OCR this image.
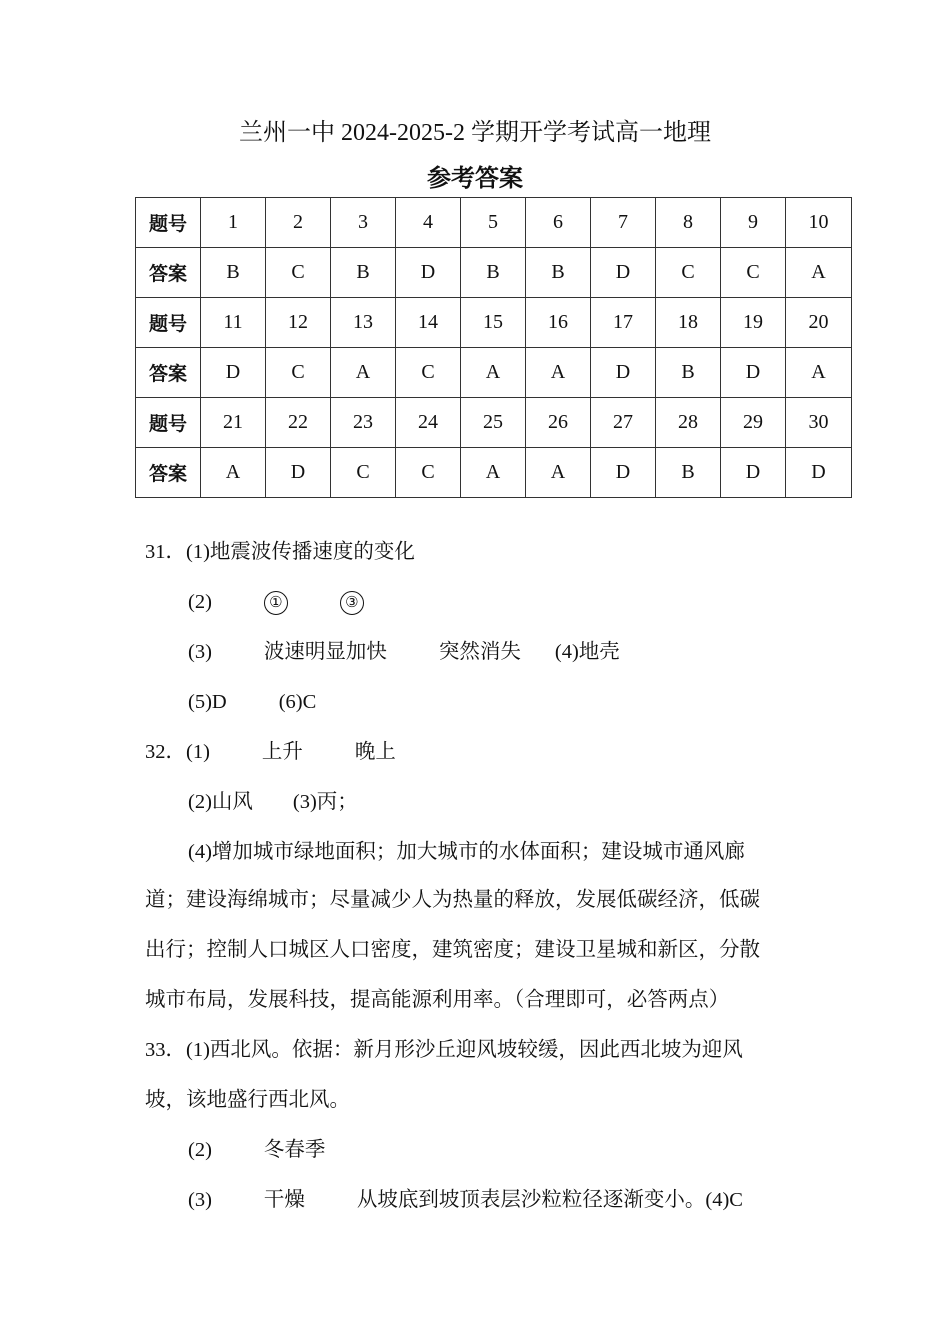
兰州一中 2024-2025-2 学期开学考试高一地理
参考答案
题号	1	2	3	4	5	6	7	8	9	10
答案	B	C	B	D	B	B	D	C	C	A
题号	11	12	13	14	15	16	17	18	19	20
答案	D	C	A	C	A	A	D	B	D	A
题号	21	22	23	24	25	26	27	28	29	30
答案	A	D	C	C	A	A	D	B	D	D
31．(1)地震波传播速度的变化
(2)	①	③
(3)	波速明显加快	突然消失 (4)地壳
(5)D	(6)C
32．(1)	上升	晚上
(2)山风 (3)丙；
(4)增加城市绿地面积；加大城市的水体面积；建设城市通风廊
道；建设海绵城市；尽量减少人为热量的释放，发展低碳经济，低碳
出行；控制人口城区人口密度，建筑密度；建设卫星城和新区，分散
城市布局，发展科技，提高能源利用率。（合理即可，必答两点）
33．(1)西北风。依据：新月形沙丘迎风坡较缓，因此西北坡为迎风
坡，该地盛行西北风。
(2)	冬春季
(3)	干燥	从坡底到坡顶表层沙粒粒径逐渐变小。(4)C
